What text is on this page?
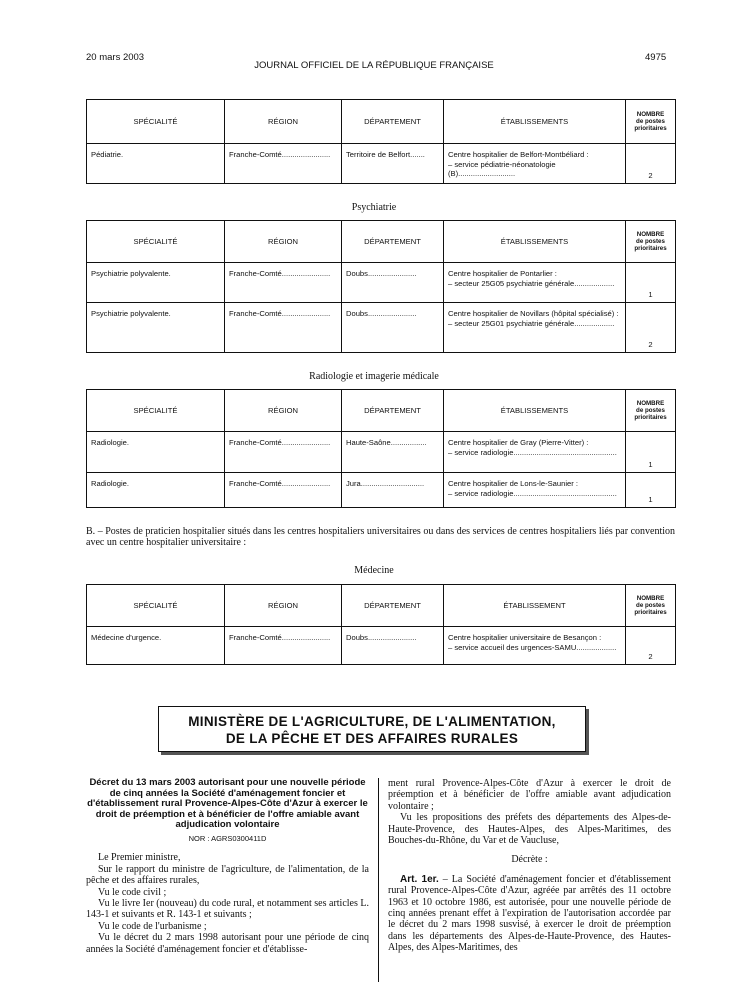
20 mars 2003
JOURNAL OFFICIEL DE LA RÉPUBLIQUE FRANÇAISE
4975
SPÉCIALITÉ	RÉGION	DÉPARTEMENT	ÉTABLISSEMENTS	NOMBRE
de postes
prioritaires
Pédiatrie.	Franche-Comté.......................	Territoire de Belfort.......	Centre hospitalier de Belfort-Montbéliard :
– service pédiatrie-néonatologie (B)...........................	2
Psychiatrie
SPÉCIALITÉ	RÉGION	DÉPARTEMENT	ÉTABLISSEMENTS	NOMBRE
de postes
prioritaires
Psychiatrie polyvalente.	Franche-Comté.......................	Doubs.......................	Centre hospitalier de Pontarlier :
– secteur 25G05 psychiatrie générale...................	1
Psychiatrie polyvalente.	Franche-Comté.......................	Doubs.......................	Centre hospitalier de Novillars (hôpital spécialisé) :
– secteur 25G01 psychiatrie générale...................	2
Radiologie et imagerie médicale
SPÉCIALITÉ	RÉGION	DÉPARTEMENT	ÉTABLISSEMENTS	NOMBRE
de postes
prioritaires
Radiologie.	Franche-Comté.......................	Haute-Saône.................	Centre hospitalier de Gray (Pierre-Vitter) :
– service radiologie.................................................	1
Radiologie.	Franche-Comté.......................	Jura..............................	Centre hospitalier de Lons-le-Saunier :
– service radiologie.................................................	1
B. – Postes de praticien hospitalier situés dans les centres hospitaliers universitaires ou dans des services de centres hospitaliers liés par convention avec un centre hospitalier universitaire :
Médecine
SPÉCIALITÉ	RÉGION	DÉPARTEMENT	ÉTABLISSEMENT	NOMBRE
de postes
prioritaires
Médecine d'urgence.	Franche-Comté.......................	Doubs.......................	Centre hospitalier universitaire de Besançon :
– service accueil des urgences-SAMU...................	2
MINISTÈRE DE L'AGRICULTURE, DE L'ALIMENTATION,
DE LA PÊCHE ET DES AFFAIRES RURALES
Décret du 13 mars 2003 autorisant pour une nouvelle période de cinq années la Société d'aménagement foncier et d'établissement rural Provence-Alpes-Côte d'Azur à exercer le droit de préemption et à bénéficier de l'offre amiable avant adjudication volontaire
NOR : AGRS0300411D

Le Premier ministre,

Sur le rapport du ministre de l'agriculture, de l'alimentation, de la pêche et des affaires rurales,

Vu le code civil ;

Vu le livre Ier (nouveau) du code rural, et notamment ses articles L. 143-1 et suivants et R. 143-1 et suivants ;

Vu le code de l'urbanisme ;

Vu le décret du 2 mars 1998 autorisant pour une période de cinq années la Société d'aménagement foncier et d'établisse-

ment rural Provence-Alpes-Côte d'Azur à exercer le droit de préemption et à bénéficier de l'offre amiable avant adjudication volontaire ;

Vu les propositions des préfets des départements des Alpes-de-Haute-Provence, des Hautes-Alpes, des Alpes-Maritimes, des Bouches-du-Rhône, du Var et de Vaucluse,

Décrète :

Art. 1er. – La Société d'aménagement foncier et d'établissement rural Provence-Alpes-Côte d'Azur, agréée par arrêtés des 11 octobre 1963 et 10 octobre 1986, est autorisée, pour une nouvelle période de cinq années prenant effet à l'expiration de l'autorisation accordée par le décret du 2 mars 1998 susvisé, à exercer le droit de préemption dans les départements des Alpes-de-Haute-Provence, des Hautes-Alpes, des Alpes-Maritimes, des
